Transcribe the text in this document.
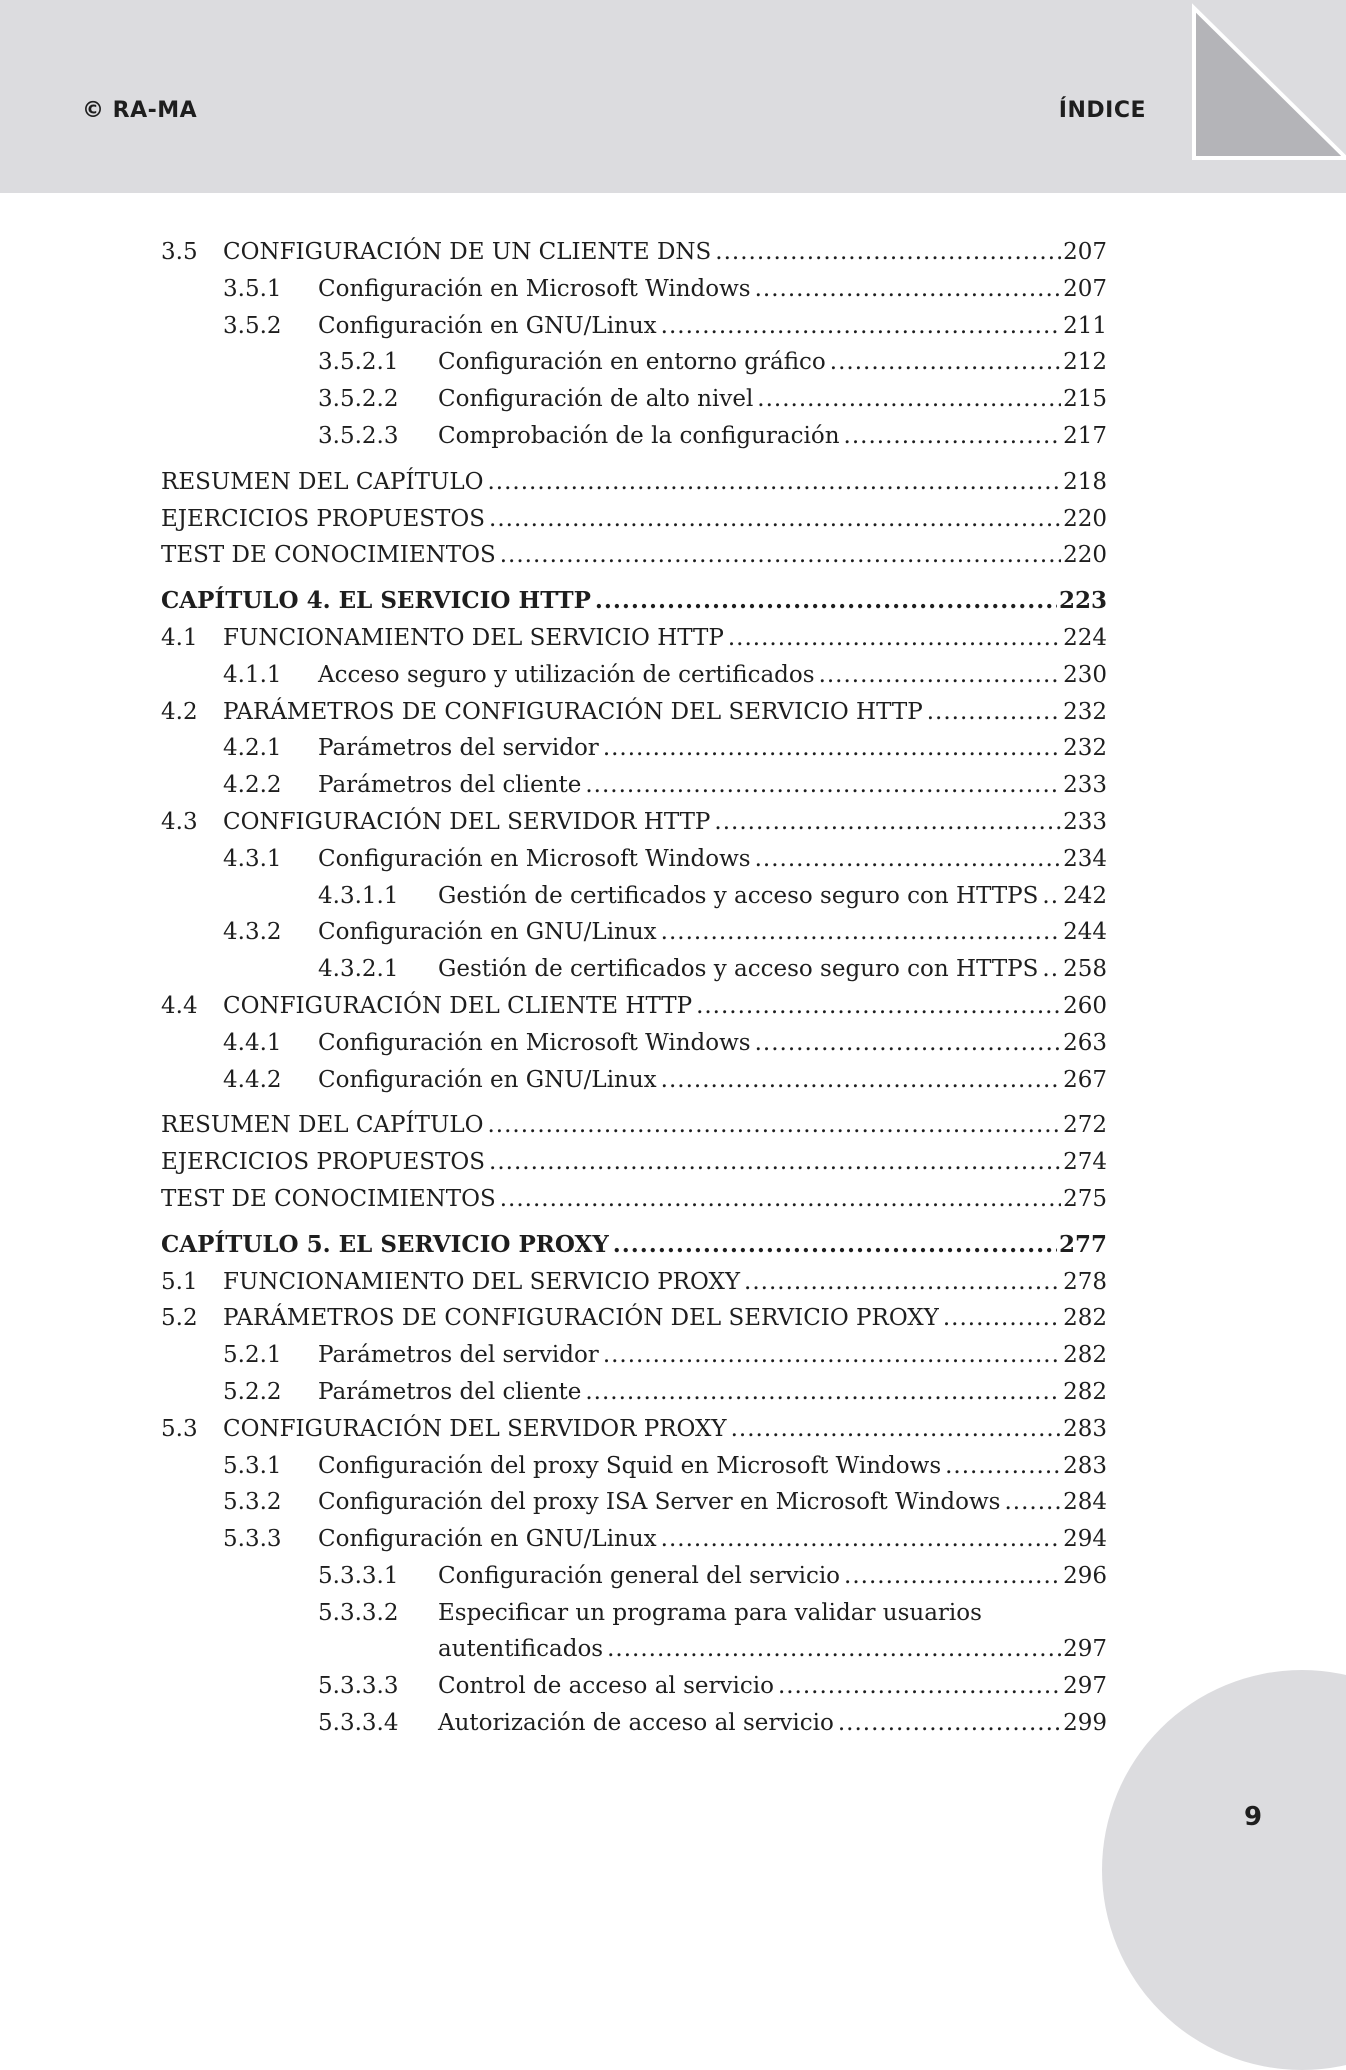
© RA-MA	ÍNDICE
3.5	CONFIGURACIÓN DE UN CLIENTE DNS .....	207
3.5.1	Configuración en Microsoft Windows .....	207
3.5.2	Configuración en GNU/Linux .....	211
3.5.2.1	Configuración en entorno gráfico .....	212
3.5.2.2	Configuración de alto nivel .....	215
3.5.2.3	Comprobación de la configuración .....	217
RESUMEN DEL CAPÍTULO .....	218
EJERCICIOS PROPUESTOS .....	220
TEST DE CONOCIMIENTOS .....	220
CAPÍTULO 4. EL SERVICIO HTTP .....	223
4.1	FUNCIONAMIENTO DEL SERVICIO HTTP .....	224
4.1.1	Acceso seguro y utilización de certificados .....	230
4.2	PARÁMETROS DE CONFIGURACIÓN DEL SERVICIO HTTP .....	232
4.2.1	Parámetros del servidor .....	232
4.2.2	Parámetros del cliente .....	233
4.3	CONFIGURACIÓN DEL SERVIDOR HTTP .....	233
4.3.1	Configuración en Microsoft Windows .....	234
4.3.1.1	Gestión de certificados y acceso seguro con HTTPS ..... 242
4.3.2	Configuración en GNU/Linux .....	244
4.3.2.1	Gestión de certificados y acceso seguro con HTTPS ..... 258
4.4	CONFIGURACIÓN DEL CLIENTE HTTP .....	260
4.4.1	Configuración en Microsoft Windows .....	263
4.4.2	Configuración en GNU/Linux .....	267
RESUMEN DEL CAPÍTULO .....	272
EJERCICIOS PROPUESTOS .....	274
TEST DE CONOCIMIENTOS .....	275
CAPÍTULO 5. EL SERVICIO PROXY .....	277
5.1	FUNCIONAMIENTO DEL SERVICIO PROXY .....	278
5.2	PARÁMETROS DE CONFIGURACIÓN DEL SERVICIO PROXY .....	282
5.2.1	Parámetros del servidor .....	282
5.2.2	Parámetros del cliente .....	282
5.3	CONFIGURACIÓN DEL SERVIDOR PROXY .....	283
5.3.1	Configuración del proxy Squid en Microsoft Windows .....	283
5.3.2	Configuración del proxy ISA Server en Microsoft Windows .....	284
5.3.3	Configuración en GNU/Linux .....	294
5.3.3.1	Configuración general del servicio .....	296
5.3.3.2	Especificar un programa para validar usuarios
autentificados .....	297
5.3.3.3	Control de acceso al servicio .....	297
5.3.3.4	Autorización de acceso al servicio .....	299
9
